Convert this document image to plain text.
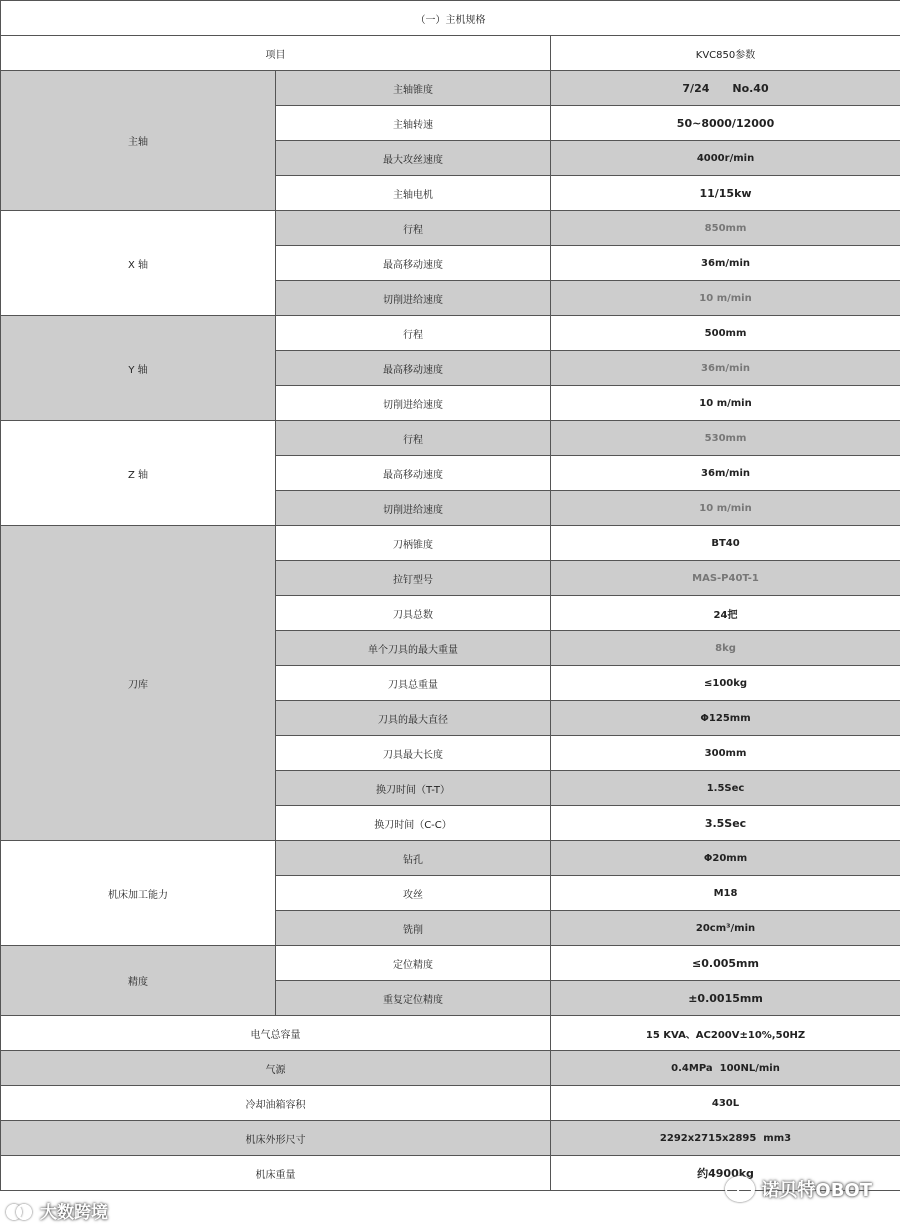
（一）主机规格		
项目		KVC850参数
主轴	主轴锥度	7/24      No.40
	主轴转速	50~8000/12000
	最大攻丝速度	4000r/min
	主轴电机	11/15kw
X 轴	行程	850mm
	最高移动速度	36m/min
	切削进给速度	10 m/min
Y 轴	行程	500mm
	最高移动速度	36m/min
	切削进给速度	10 m/min
Z 轴	行程	530mm
	最高移动速度	36m/min
	切削进给速度	10 m/min
刀库	刀柄锥度	BT40
	拉钉型号	MAS-P40T-1
	刀具总数	24把
	单个刀具的最大重量	8kg
	刀具总重量	≤100kg
	刀具的最大直径	Φ125mm
	刀具最大长度	300mm
	换刀时间（T-T）	1.5Sec
	换刀时间（C-C）	3.5Sec
机床加工能力	钻孔	Φ20mm
	攻丝	M18
	铣削	20cm³/min
精度	定位精度	≤0.005mm
	重复定位精度	±0.0015mm
电气总容量		15 KVA、AC200V±10%,50HZ
气源		0.4MPa  100NL/min
冷却油箱容积		430L
机床外形尺寸		2292x2715x2895  mm3
机床重量		约4900kg
大数跨境
诺贝特OBOT
